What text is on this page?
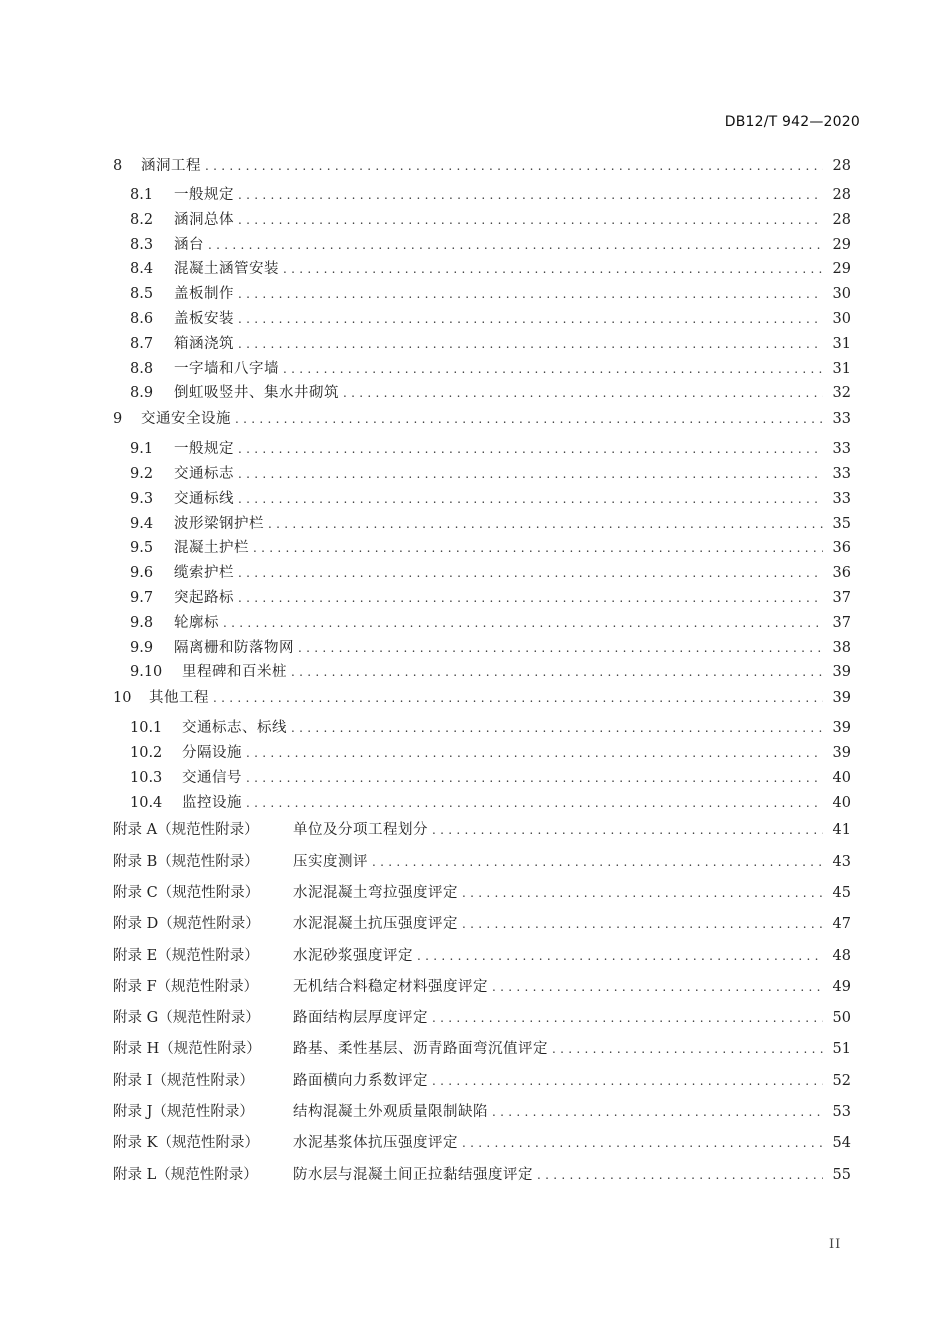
DB12/T 942—2020
8	涵洞工程 .....	28
8.1	一般规定 .....	28
8.2	涵洞总体 .....	28
8.3	涵台 .....	29
8.4	混凝土涵管安装 .....	29
8.5	盖板制作 .....	30
8.6	盖板安装 .....	30
8.7	箱涵浇筑 .....	31
8.8	一字墙和八字墙 .....	31
8.9	倒虹吸竖井、集水井砌筑 .....	32
9	交通安全设施 .....	33
9.1	一般规定 .....	33
9.2	交通标志 .....	33
9.3	交通标线 .....	33
9.4	波形梁钢护栏 .....	35
9.5	混凝土护栏 .....	36
9.6	缆索护栏 .....	36
9.7	突起路标 .....	37
9.8	轮廓标 .....	37
9.9	隔离栅和防落物网 .....	38
9.10	里程碑和百米桩 .....	39
10	其他工程 .....	39
10.1	交通标志、标线 .....	39
10.2	分隔设施 .....	39
10.3	交通信号 .....	40
10.4	监控设施 .....	40
附录 A（规范性附录）	单位及分项工程划分 .....	41
附录 B（规范性附录）	压实度测评 .....	43
附录 C（规范性附录）	水泥混凝土弯拉强度评定 .....	45
附录 D（规范性附录）	水泥混凝土抗压强度评定 .....	47
附录 E（规范性附录）	水泥砂浆强度评定 .....	48
附录 F（规范性附录）	无机结合料稳定材料强度评定 .....	49
附录 G（规范性附录）	路面结构层厚度评定 .....	50
附录 H（规范性附录）	路基、柔性基层、沥青路面弯沉值评定 .....	51
附录 I（规范性附录）	路面横向力系数评定 .....	52
附录 J（规范性附录）	结构混凝土外观质量限制缺陷 .....	53
附录 K（规范性附录）	水泥基浆体抗压强度评定 .....	54
附录 L（规范性附录）	防水层与混凝土间正拉黏结强度评定 .....	55
II
